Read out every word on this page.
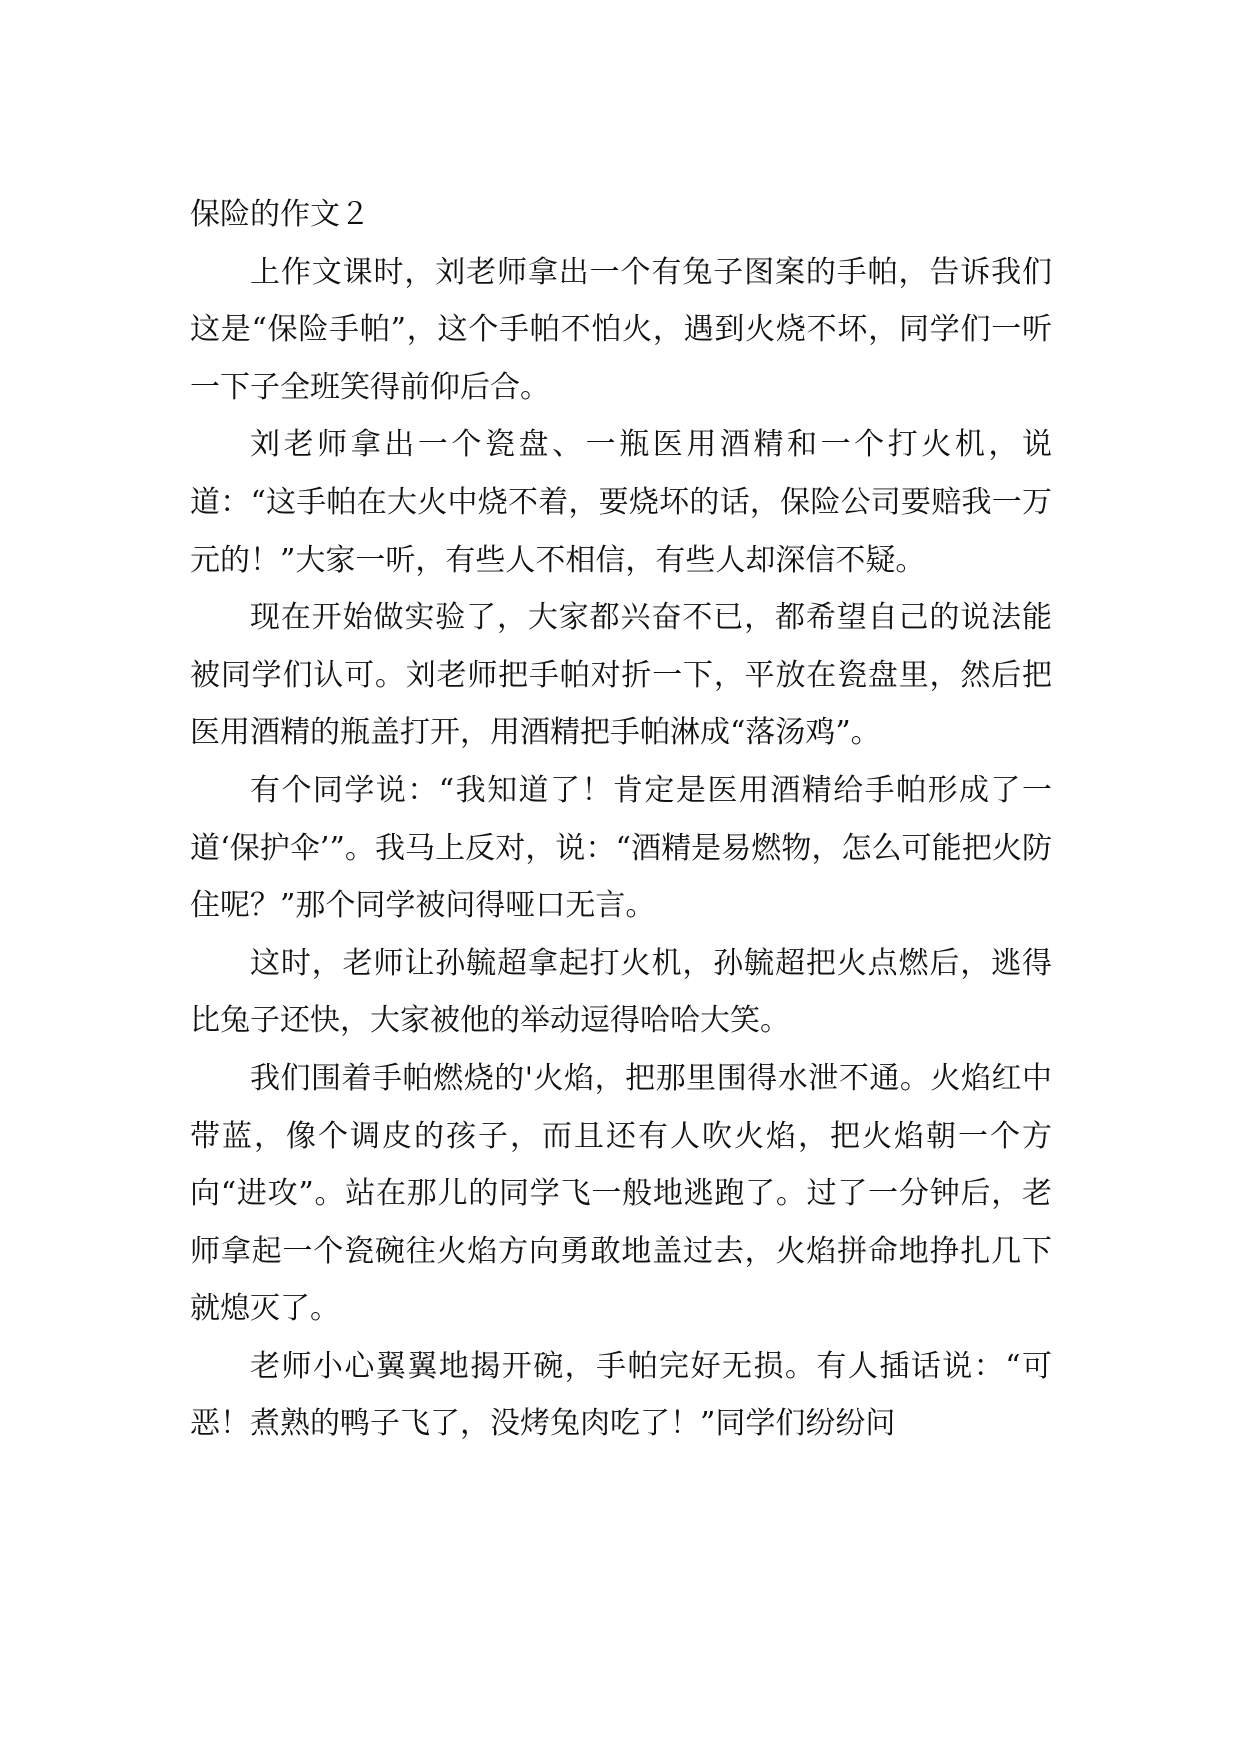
保险的作文２

上作文课时，刘老师拿出一个有兔子图案的手帕，告诉我们这是“保险手帕”，这个手帕不怕火，遇到火烧不坏，同学们一听一下子全班笑得前仰后合。

刘老师拿出一个瓷盘、一瓶医用酒精和一个打火机，说道：“这手帕在大火中烧不着，要烧坏的话，保险公司要赔我一万元的！”大家一听，有些人不相信，有些人却深信不疑。

现在开始做实验了，大家都兴奋不已，都希望自己的说法能被同学们认可。刘老师把手帕对折一下，平放在瓷盘里，然后把医用酒精的瓶盖打开，用酒精把手帕淋成“落汤鸡”。

有个同学说：“我知道了！肯定是医用酒精给手帕形成了一道‘保护伞’”。我马上反对，说：“酒精是易燃物，怎么可能把火防住呢？”那个同学被问得哑口无言。

这时，老师让孙毓超拿起打火机，孙毓超把火点燃后，逃得比兔子还快，大家被他的举动逗得哈哈大笑。

我们围着手帕燃烧的'火焰，把那里围得水泄不通。火焰红中带蓝，像个调皮的孩子，而且还有人吹火焰，把火焰朝一个方向“进攻”。站在那儿的同学飞一般地逃跑了。过了一分钟后，老师拿起一个瓷碗往火焰方向勇敢地盖过去，火焰拼命地挣扎几下就熄灭了。

老师小心翼翼地揭开碗，手帕完好无损。有人插话说：“可恶！煮熟的鸭子飞了，没烤兔肉吃了！”同学们纷纷问
